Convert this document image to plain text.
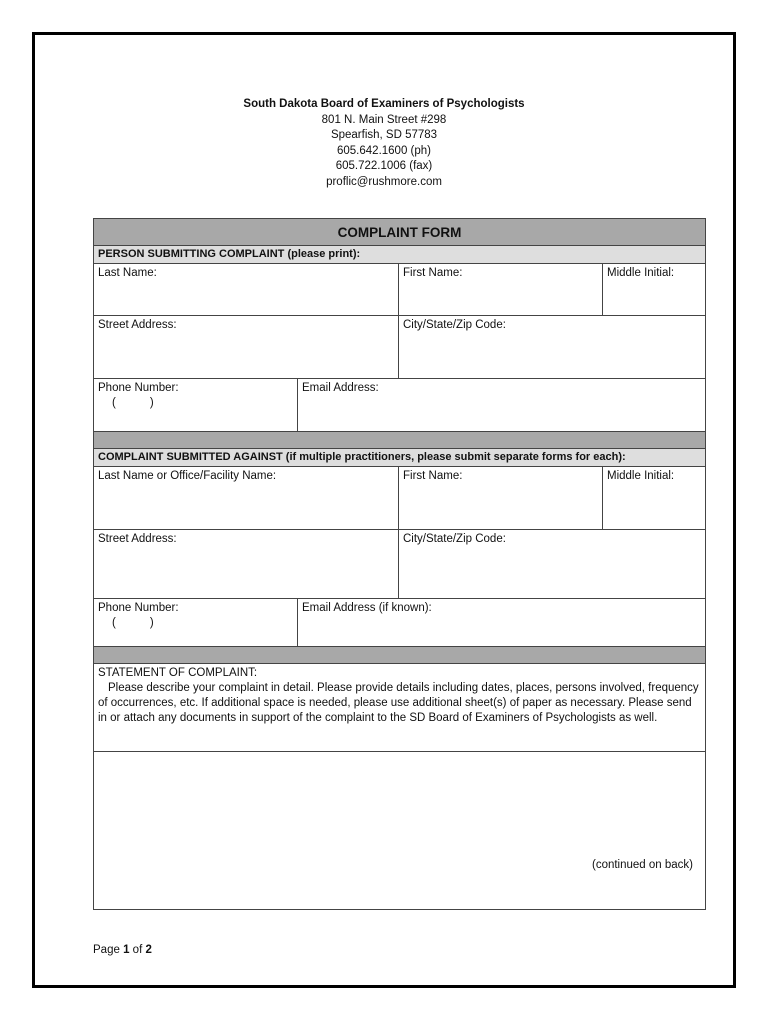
South Dakota Board of Examiners of Psychologists
801 N. Main Street #298
Spearfish, SD 57783
605.642.1600 (ph)
605.722.1006 (fax)
proflic@rushmore.com
COMPLAINT FORM			
PERSON SUBMITTING COMPLAINT (please print):			
Last Name:		First Name:	Middle Initial:
Street Address:		City/State/Zip Code:	

Phone Number:
( )	Email Address:		

COMPLAINT SUBMITTED AGAINST (if multiple practitioners, please submit separate forms for each):			
Last Name or Office/Facility Name:		First Name:	Middle Initial:
Street Address:		City/State/Zip Code:	

Phone Number:
( )	Email Address (if known):		

STATEMENT OF COMPLAINT:
Please describe your complaint in detail. Please provide details including dates, places, persons involved, frequency of occurrences, etc. If additional space is needed, please use additional sheet(s) of paper as necessary. Please send in or attach any documents in support of the complaint to the SD Board of Examiners of Psychologists as well.			

(continued on back)			
Page 1 of 2
